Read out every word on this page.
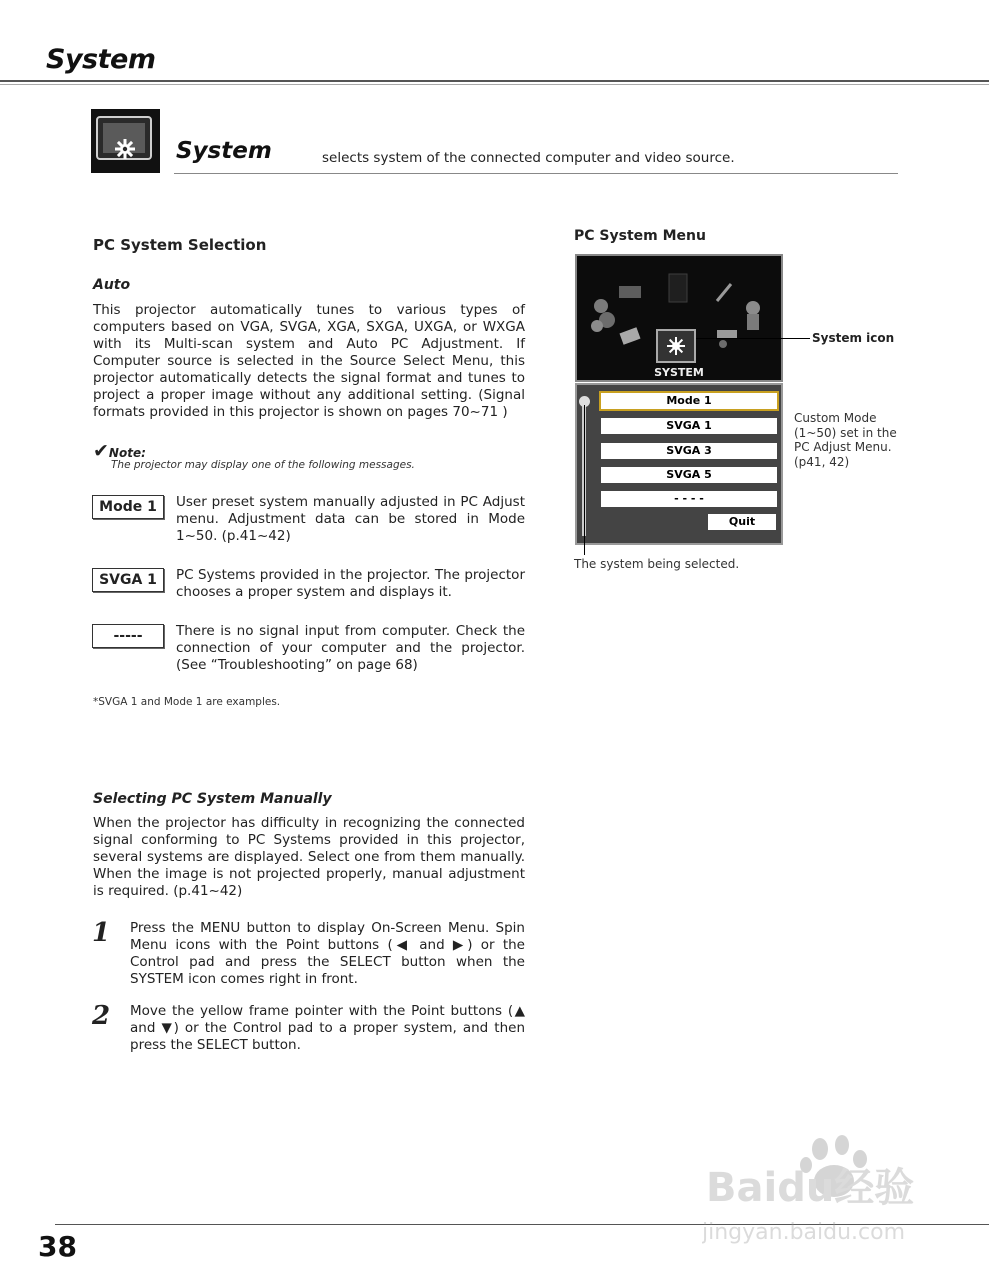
System
System	selects system of the connected computer and video source.
PC System Selection
Auto
This projector automatically tunes to various types of computers based on VGA, SVGA, XGA, SXGA, UXGA, or WXGA with its Multi-scan system and Auto PC Adjustment. If Computer source is selected in the Source Select Menu, this projector automatically detects the signal format and tunes to project a proper image without any additional setting. (Signal formats provided in this projector is shown on pages 70~71 )
✔Note:
The projector may display one of the following messages.
Mode 1	User preset system manually adjusted in PC Adjust menu. Adjustment data can be stored in Mode 1~50. (p.41~42)
SVGA 1	PC Systems provided in the projector. The projector chooses a proper system and displays it.
-----	There is no signal input from computer. Check the connection of your computer and the projector. (See “Troubleshooting” on page 68)
*SVGA 1 and Mode 1 are examples.
Selecting PC System Manually
When the projector has difficulty in recognizing the connected signal conforming to PC Systems provided in this projector, several systems are displayed. Select one from them manually. When the image is not projected properly, manual adjustment is required. (p.41~42)
1 Press the MENU button to display On-Screen Menu. Spin Menu icons with the Point buttons (◀ and ▶) or the Control pad and press the SELECT button when the SYSTEM icon comes right in front.
2 Move the yellow frame pointer with the Point buttons (▲ and ▼) or the Control pad to a proper system, and then press the SELECT button.
PC System Menu
SYSTEM
Mode 1
SVGA 1
SVGA 3
SVGA 5
- - - -
Quit
System icon
Custom Mode (1~50) set in the PC Adjust Menu. (p41, 42)
The system being selected.
38
Baidu经验
jingyan.baidu.com
